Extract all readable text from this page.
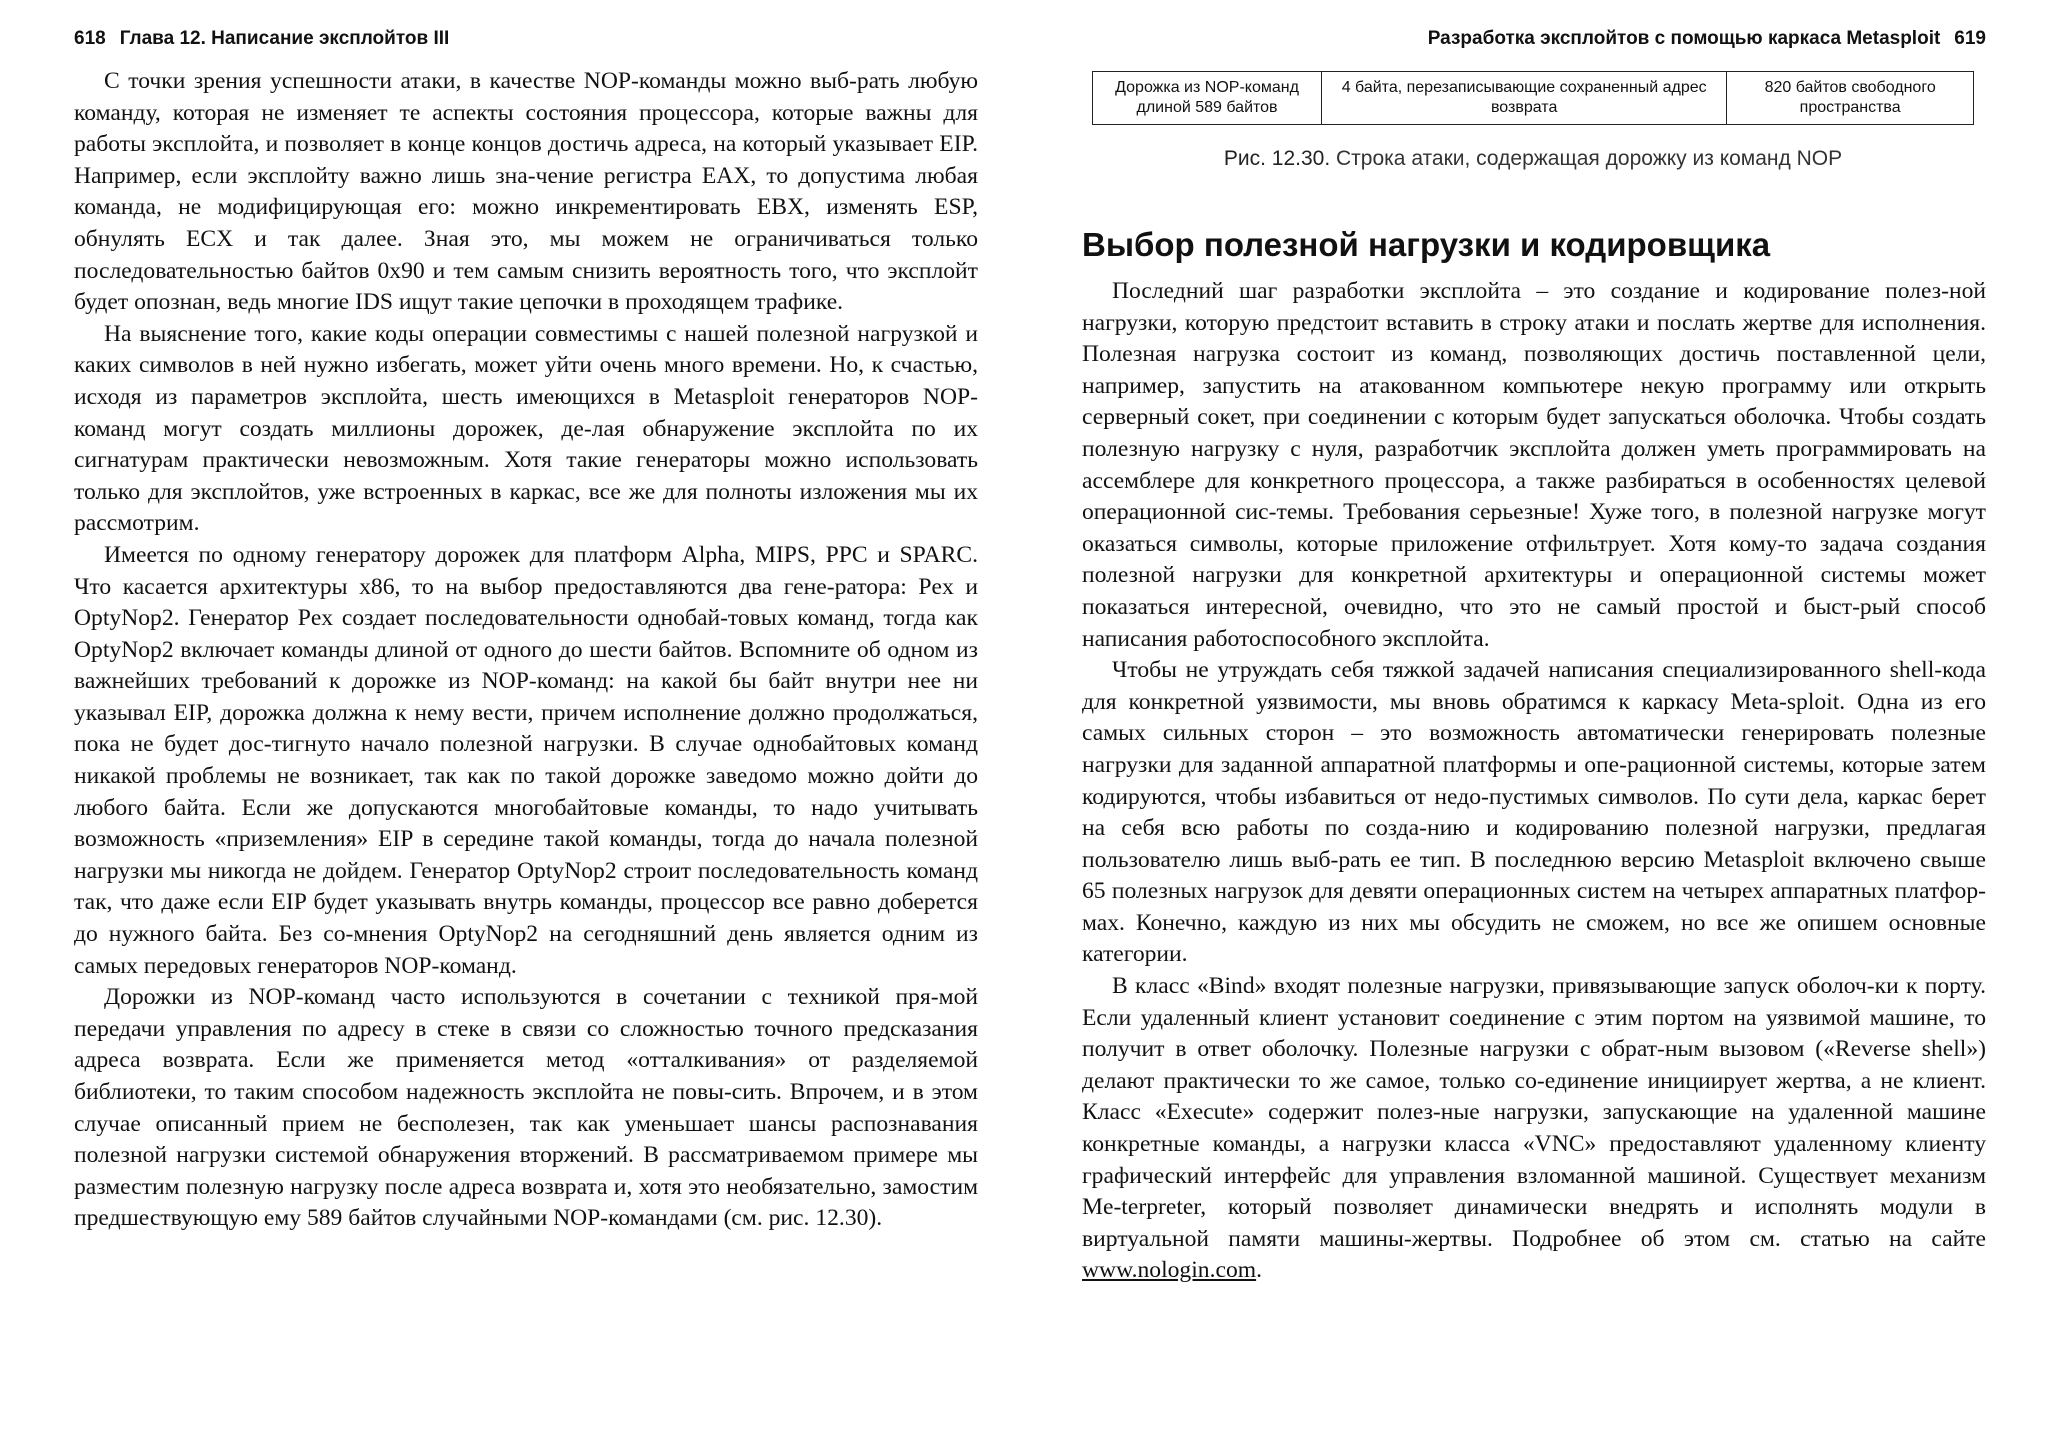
618 Глава 12. Написание эксплойтов III

С точки зрения успешности атаки, в качестве NOP-команды можно выб-рать любую команду, которая не изменяет те аспекты состояния процессора, которые важны для работы эксплойта, и позволяет в конце концов достичь адреса, на который указывает EIP. Например, если эксплойту важно лишь зна-чение регистра EAX, то допустима любая команда, не модифицирующая его: можно инкрементировать EBX, изменять ESP, обнулять ECX и так далее. Зная это, мы можем не ограничиваться только последовательностью байтов 0x90 и тем самым снизить вероятность того, что эксплойт будет опознан, ведь многие IDS ищут такие цепочки в проходящем трафике.

На выяснение того, какие коды операции совместимы с нашей полезной нагрузкой и каких символов в ней нужно избегать, может уйти очень много времени. Но, к счастью, исходя из параметров эксплойта, шесть имеющихся в Metasploit генераторов NOP-команд могут создать миллионы дорожек, де-лая обнаружение эксплойта по их сигнатурам практически невозможным. Хотя такие генераторы можно использовать только для эксплойтов, уже встроенных в каркас, все же для полноты изложения мы их рассмотрим.

Имеется по одному генератору дорожек для платформ Alpha, MIPS, PPC и SPARC. Что касается архитектуры x86, то на выбор предоставляются два гене-ратора: Pex и OptyNop2. Генератор Pex создает последовательности однобай-товых команд, тогда как OptyNop2 включает команды длиной от одного до шести байтов. Вспомните об одном из важнейших требований к дорожке из NOP-команд: на какой бы байт внутри нее ни указывал EIP, дорожка должна к нему вести, причем исполнение должно продолжаться, пока не будет дос-тигнуто начало полезной нагрузки. В случае однобайтовых команд никакой проблемы не возникает, так как по такой дорожке заведомо можно дойти до любого байта. Если же допускаются многобайтовые команды, то надо учитывать возможность «приземления» EIP в середине такой команды, тогда до начала полезной нагрузки мы никогда не дойдем. Генератор OptyNop2 строит последовательность команд так, что даже если EIP будет указывать внутрь команды, процессор все равно доберется до нужного байта. Без со-мнения OptyNop2 на сегодняшний день является одним из самых передовых генераторов NOP-команд.

Дорожки из NOP-команд часто используются в сочетании с техникой пря-мой передачи управления по адресу в стеке в связи со сложностью точного предсказания адреса возврата. Если же применяется метод «отталкивания» от разделяемой библиотеки, то таким способом надежность эксплойта не повы-сить. Впрочем, и в этом случае описанный прием не бесполезен, так как уменьшает шансы распознавания полезной нагрузки системой обнаружения вторжений. В рассматриваемом примере мы разместим полезную нагрузку после адреса возврата и, хотя это необязательно, замостим предшествующую ему 589 байтов случайными NOP-командами (см. рис. 12.30).

Разработка эксплойтов с помощью каркаса Metasploit 619
Дорожка из NOP-команд длиной 589 байтов	4 байта, перезаписывающие сохраненный адрес возврата	820 байтов свободного пространства
Рис. 12.30. Строка атаки, содержащая дорожку из команд NOP
Выбор полезной нагрузки и кодировщика

Последний шаг разработки эксплойта – это создание и кодирование полез-ной нагрузки, которую предстоит вставить в строку атаки и послать жертве для исполнения. Полезная нагрузка состоит из команд, позволяющих достичь поставленной цели, например, запустить на атакованном компьютере некую программу или открыть серверный сокет, при соединении с которым будет запускаться оболочка. Чтобы создать полезную нагрузку с нуля, разработчик эксплойта должен уметь программировать на ассемблере для конкретного процессора, а также разбираться в особенностях целевой операционной сис-темы. Требования серьезные! Хуже того, в полезной нагрузке могут оказаться символы, которые приложение отфильтрует. Хотя кому-то задача создания полезной нагрузки для конкретной архитектуры и операционной системы может показаться интересной, очевидно, что это не самый простой и быст-рый способ написания работоспособного эксплойта.

Чтобы не утруждать себя тяжкой задачей написания специализированного shell-кода для конкретной уязвимости, мы вновь обратимся к каркасу Meta-sploit. Одна из его самых сильных сторон – это возможность автоматически генерировать полезные нагрузки для заданной аппаратной платформы и опе-рационной системы, которые затем кодируются, чтобы избавиться от недо-пустимых символов. По сути дела, каркас берет на себя всю работы по созда-нию и кодированию полезной нагрузки, предлагая пользователю лишь выб-рать ее тип. В последнюю версию Metasploit включено свыше 65 полезных нагрузок для девяти операционных систем на четырех аппаратных платфор-мах. Конечно, каждую из них мы обсудить не сможем, но все же опишем основные категории.

В класс «Bind» входят полезные нагрузки, привязывающие запуск оболоч-ки к порту. Если удаленный клиент установит соединение с этим портом на уязвимой машине, то получит в ответ оболочку. Полезные нагрузки с обрат-ным вызовом («Reverse shell») делают практически то же самое, только со-единение инициирует жертва, а не клиент. Класс «Execute» содержит полез-ные нагрузки, запускающие на удаленной машине конкретные команды, а нагрузки класса «VNC» предоставляют удаленному клиенту графический интерфейс для управления взломанной машиной. Существует механизм Me-terpreter, который позволяет динамически внедрять и исполнять модули в виртуальной памяти машины-жертвы. Подробнее об этом см. статью на сайте www.nologin.com.
